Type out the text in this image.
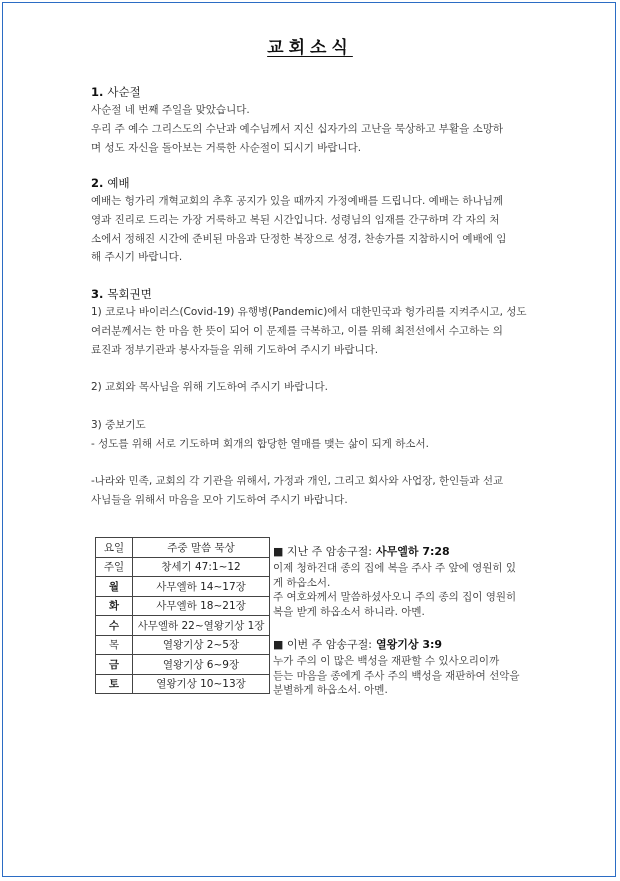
교회소식
1. 사순절
사순절 네 번째 주일을 맞았습니다.
우리 주 예수 그리스도의 수난과 예수님께서 지신 십자가의 고난을 묵상하고 부활을 소망하
며 성도 자신을 돌아보는 거룩한 사순절이 되시기 바랍니다.
2. 예배
예배는 헝가리 개혁교회의 추후 공지가 있을 때까지 가정예배를 드립니다. 예배는 하나님께
영과 진리로 드리는 가장 거룩하고 복된 시간입니다. 성령님의 임재를 간구하며 각 자의 처
소에서 정해진 시간에 준비된 마음과 단정한 복장으로 성경, 찬송가를 지참하시어 예배에 임
해 주시기 바랍니다.
3. 목회권면
1) 코로나 바이러스(Covid-19) 유행병(Pandemic)에서 대한민국과 헝가리를 지켜주시고, 성도
여러분께서는 한 마음 한 뜻이 되어 이 문제를 극복하고, 이를 위해 최전선에서 수고하는 의
료진과 정부기관과 봉사자들을 위해 기도하여 주시기 바랍니다.

2) 교회와 목사님을 위해 기도하여 주시기 바랍니다.

3) 중보기도
- 성도를 위해 서로 기도하며 회개의 합당한 열매를 맺는 삶이 되게 하소서.

-나라와 민족, 교회의 각 기관을 위해서, 가정과 개인, 그리고 회사와 사업장, 한인들과 선교
사님들을 위해서 마음을 모아 기도하여 주시기 바랍니다.
요일	주중 말씀 묵상
주일	창세기 47:1~12
월	사무엘하 14~17장
화	사무엘하 18~21장
수	사무엘하 22~열왕기상 1장
목	열왕기상 2~5장
금	열왕기상 6~9장
토	열왕기상 10~13장
■ 지난 주 암송구절: 사무엘하 7:28
이제 청하건대 종의 집에 복을 주사 주 앞에 영원히 있
게 하옵소서.
주 여호와께서 말씀하셨사오니 주의 종의 집이 영원히
복을 받게 하옵소서 하니라. 아멘.
■ 이번 주 암송구절: 열왕기상 3:9
누가 주의 이 많은 백성을 재판할 수 있사오리이까
듣는 마음을 종에게 주사 주의 백성을 재판하여 선악을
분별하게 하옵소서. 아멘.
